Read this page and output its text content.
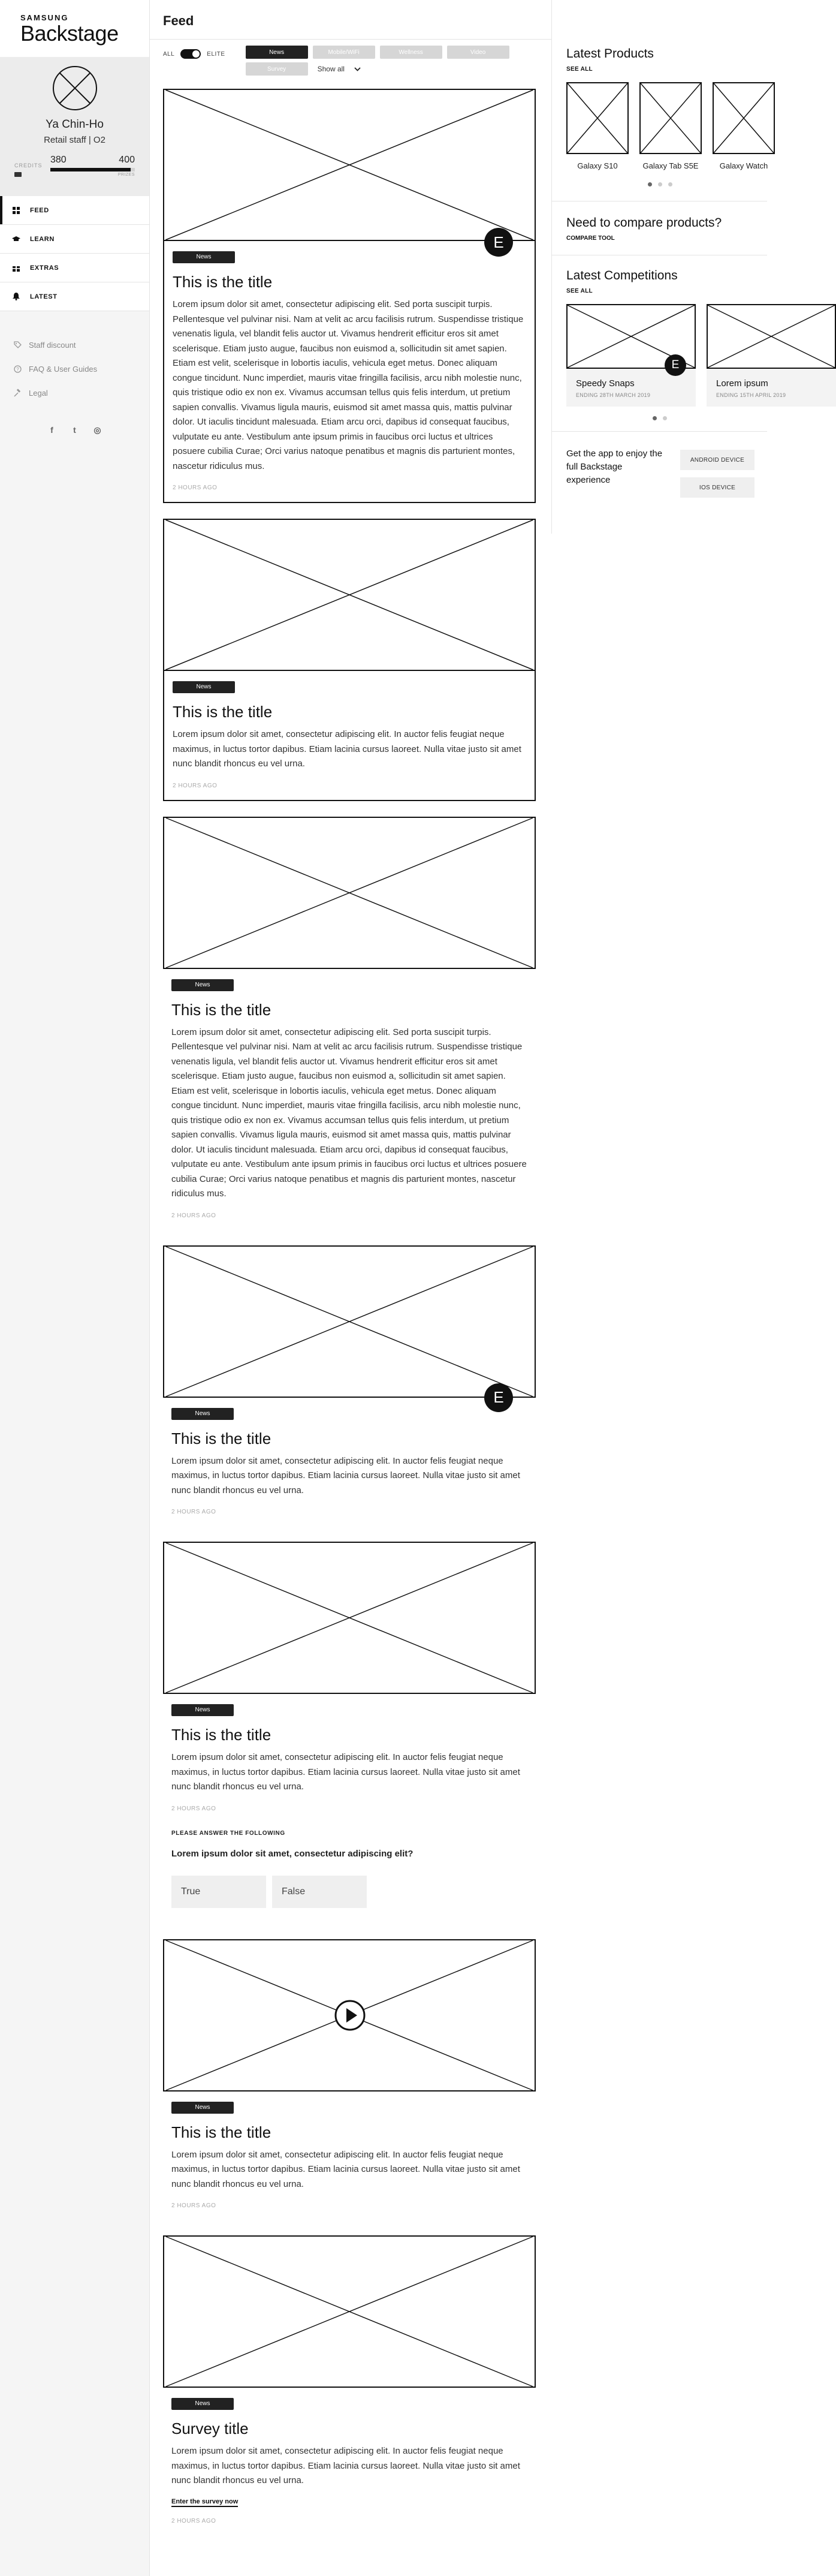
SAMSUNG
Backstage
Ya Chin-Ho
Retail staff | O2
CREDITS
380	400
PRIZES
FEED
LEARN
EXTRAS
LATEST
Staff discount
? FAQ & User Guides
Legal
f	t	◎
Feed
ALL	ELITE	News	Mobile/WiFi	Wellness	Video
Survey	Show all
E
News
This is the title
Lorem ipsum dolor sit amet, consectetur adipiscing elit. Sed porta suscipit turpis. Pellentesque vel pulvinar nisi. Nam at velit ac arcu facilisis rutrum. Suspendisse tristique venenatis ligula, vel blandit felis auctor ut. Vivamus hendrerit efficitur eros sit amet scelerisque. Etiam justo augue, faucibus non euismod a, sollicitudin sit amet sapien. Etiam est velit, scelerisque in lobortis iaculis, vehicula eget metus. Donec aliquam congue tincidunt. Nunc imperdiet, mauris vitae fringilla facilisis, arcu nibh molestie nunc, quis tristique odio ex non ex. Vivamus accumsan tellus quis felis interdum, ut pretium sapien convallis. Vivamus ligula mauris, euismod sit amet massa quis, mattis pulvinar dolor. Ut iaculis tincidunt malesuada. Etiam arcu orci, dapibus id consequat faucibus, vulputate eu ante. Vestibulum ante ipsum primis in faucibus orci luctus et ultrices posuere cubilia Curae; Orci varius natoque penatibus et magnis dis parturient montes, nascetur ridiculus mus.
2 HOURS AGO
News
This is the title
Lorem ipsum dolor sit amet, consectetur adipiscing elit. In auctor felis feugiat neque maximus, in luctus tortor dapibus. Etiam lacinia cursus laoreet. Nulla vitae justo sit amet nunc blandit rhoncus eu vel urna.
2 HOURS AGO
News
This is the title
Lorem ipsum dolor sit amet, consectetur adipiscing elit. Sed porta suscipit turpis. Pellentesque vel pulvinar nisi. Nam at velit ac arcu facilisis rutrum. Suspendisse tristique venenatis ligula, vel blandit felis auctor ut. Vivamus hendrerit efficitur eros sit amet scelerisque. Etiam justo augue, faucibus non euismod a, sollicitudin sit amet sapien. Etiam est velit, scelerisque in lobortis iaculis, vehicula eget metus. Donec aliquam congue tincidunt. Nunc imperdiet, mauris vitae fringilla facilisis, arcu nibh molestie nunc, quis tristique odio ex non ex. Vivamus accumsan tellus quis felis interdum, ut pretium sapien convallis. Vivamus ligula mauris, euismod sit amet massa quis, mattis pulvinar dolor. Ut iaculis tincidunt malesuada. Etiam arcu orci, dapibus id consequat faucibus, vulputate eu ante. Vestibulum ante ipsum primis in faucibus orci luctus et ultrices posuere cubilia Curae; Orci varius natoque penatibus et magnis dis parturient montes, nascetur ridiculus mus.
2 HOURS AGO
E
News
This is the title
Lorem ipsum dolor sit amet, consectetur adipiscing elit. In auctor felis feugiat neque maximus, in luctus tortor dapibus. Etiam lacinia cursus laoreet. Nulla vitae justo sit amet nunc blandit rhoncus eu vel urna.
2 HOURS AGO
News
This is the title
Lorem ipsum dolor sit amet, consectetur adipiscing elit. In auctor felis feugiat neque maximus, in luctus tortor dapibus. Etiam lacinia cursus laoreet. Nulla vitae justo sit amet nunc blandit rhoncus eu vel urna.
2 HOURS AGO
PLEASE ANSWER THE FOLLOWING
Lorem ipsum dolor sit amet, consectetur adipiscing elit?
True	False
News
This is the title
Lorem ipsum dolor sit amet, consectetur adipiscing elit. In auctor felis feugiat neque maximus, in luctus tortor dapibus. Etiam lacinia cursus laoreet. Nulla vitae justo sit amet nunc blandit rhoncus eu vel urna.
2 HOURS AGO
News
Survey title
Lorem ipsum dolor sit amet, consectetur adipiscing elit. In auctor felis feugiat neque maximus, in luctus tortor dapibus. Etiam lacinia cursus laoreet. Nulla vitae justo sit amet nunc blandit rhoncus eu vel urna.
Enter the survey now
2 HOURS AGO
Latest Products
SEE ALL
Galaxy S10	Galaxy Tab S5E	Galaxy Watch
Need to compare products?
COMPARE TOOL
Latest Competitions
SEE ALL
E
Speedy Snaps
ENDING 28TH MARCH 2019
Lorem ipsum
ENDING 15TH APRIL 2019
Get the app to enjoy the full Backstage experience
ANDROID DEVICE
IOS DEVICE
